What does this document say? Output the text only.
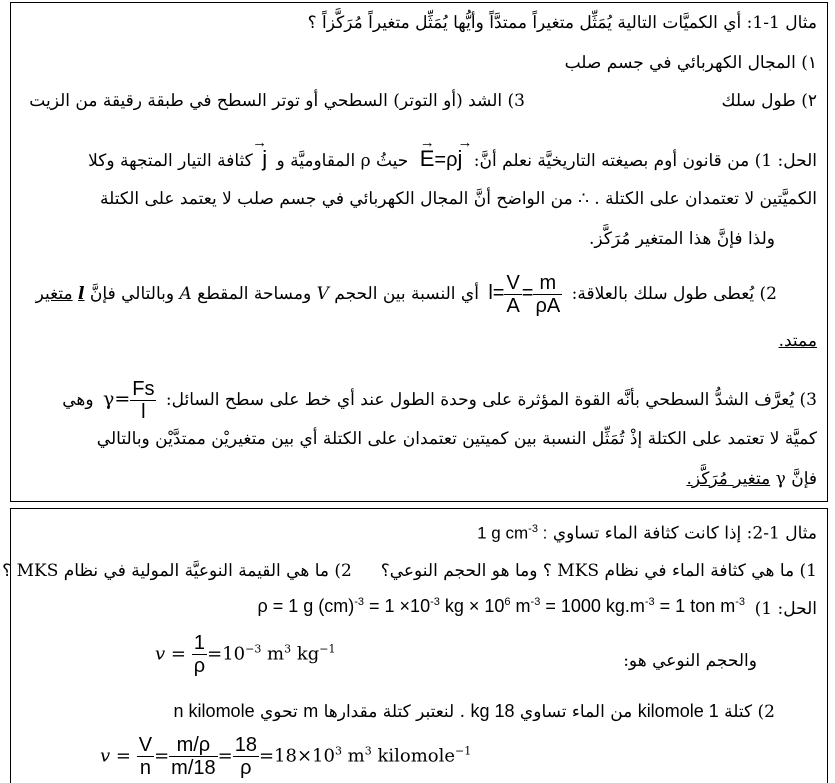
مثال 1-1: أي الكميَّات التالية يُمَثِّل متغيراً ممتدَّاً وأيُّها يُمَثِّل متغيراً مُرَكَّزاً ؟
١) المجال الكهربائي في جسم صلب
٢) طول سلك
3) الشد (أو التوتر) السطحي أو توتر السطح في طبقة رقيقة من الزيت
الحل: 1) من قانون أوم بصيغته التاريخيَّة نعلم أنَّ: → E=ρ→ j حيثُ ρ المقاوميَّة و → j كثافة التيار المتجهة وكلا
الكميَّتين لا تعتمدان على الكتلة . ∴ من الواضح أنَّ المجال الكهربائي في جسم صلب لا يعتمد على الكتلة
ولذا فإنَّ هذا المتغير مُرَكَّز.
2) يُعطى طول سلك بالعلاقة: $l= \frac{V}{A} = \frac{m}{\rho A}$
أي النسبة بين الحجم V ومساحة المقطع A وبالتالي فإنَّ l متغير
ممتد.
3) يُعرَّف الشدُّ السطحي بأنَّه القوة المؤثرة على وحدة الطول عند أي خط على سطح السائل: $\gamma= \frac{Fs}{l}$
وهي
كميَّة لا تعتمد على الكتلة إذْ تُمَثِّل النسبة بين كميتين تعتمدان على الكتلة أي بين متغيريْن ممتدَّيْن وبالتالي
فإنَّ γ متغير مُرَكَّز.
مثال 1-2: إذا كانت كثافة الماء تساوي 1 g $cm^{-3}$ :
1) ما هي كثافة الماء في نظام MKS ؟ وما هو الحجم النوعي؟  2) ما هي القيمة النوعيَّة المولية في نظام MKS ؟
الحل: 1)
ρ = 1 g $(cm)^{-3} = 1 \times 10^{-3}$ kg × $10^6$ $m^{-3} = 1000$ $kg.m^{-3} = 1$ ton $m^{-3}$
والحجم النوعي هو:
$v = \frac{1}{\rho} =10^{-3}$ $m^3$ $kg^{-1}$
2) كتلة 1 kilomole من الماء تساوي 18 kg . لنعتبر كتلة مقدارها m تحوي n kilomole
$v = \frac{V}{n} = \frac{m/\rho}{m/18} = \frac{18}{\rho} =18\times 10^3$ $m^3$ kilomole$^{-1}$
